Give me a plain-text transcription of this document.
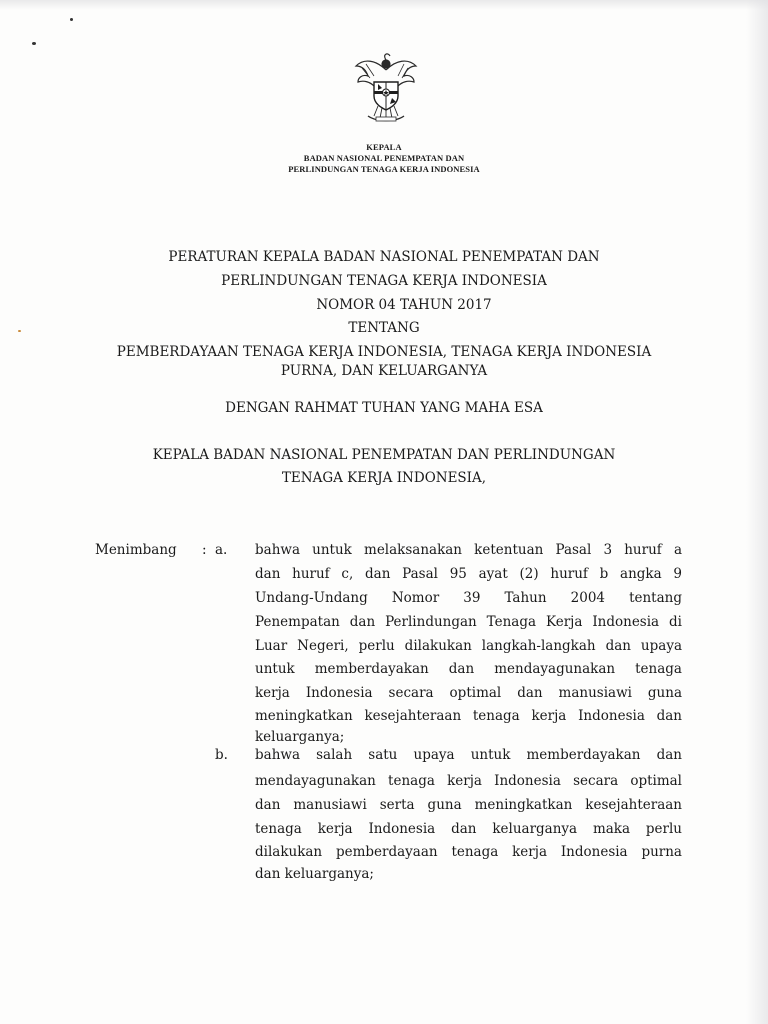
KEPALA
BADAN NASIONAL PENEMPATAN DAN
PERLINDUNGAN TENAGA KERJA INDONESIA
PERATURAN KEPALA BADAN NASIONAL PENEMPATAN DAN
PERLINDUNGAN TENAGA KERJA INDONESIA
NOMOR 04 TAHUN 2017
TENTANG
PEMBERDAYAAN TENAGA KERJA INDONESIA, TENAGA KERJA INDONESIA
PURNA, DAN KELUARGANYA
DENGAN RAHMAT TUHAN YANG MAHA ESA
KEPALA BADAN NASIONAL PENEMPATAN DAN PERLINDUNGAN
TENAGA KERJA INDONESIA,
Menimbang : a. bahwa untuk melaksanakan ketentuan Pasal 3 huruf a
dan huruf c, dan Pasal 95 ayat (2) huruf b angka 9
Undang-Undang Nomor 39 Tahun 2004 tentang
Penempatan dan Perlindungan Tenaga Kerja Indonesia di
Luar Negeri, perlu dilakukan langkah-langkah dan upaya
untuk memberdayakan dan mendayagunakan tenaga
kerja Indonesia secara optimal dan manusiawi guna
meningkatkan kesejahteraan tenaga kerja Indonesia dan
keluarganya;
b. bahwa salah satu upaya untuk memberdayakan dan
mendayagunakan tenaga kerja Indonesia secara optimal
dan manusiawi serta guna meningkatkan kesejahteraan
tenaga kerja Indonesia dan keluarganya maka perlu
dilakukan pemberdayaan tenaga kerja Indonesia purna
dan keluarganya;
